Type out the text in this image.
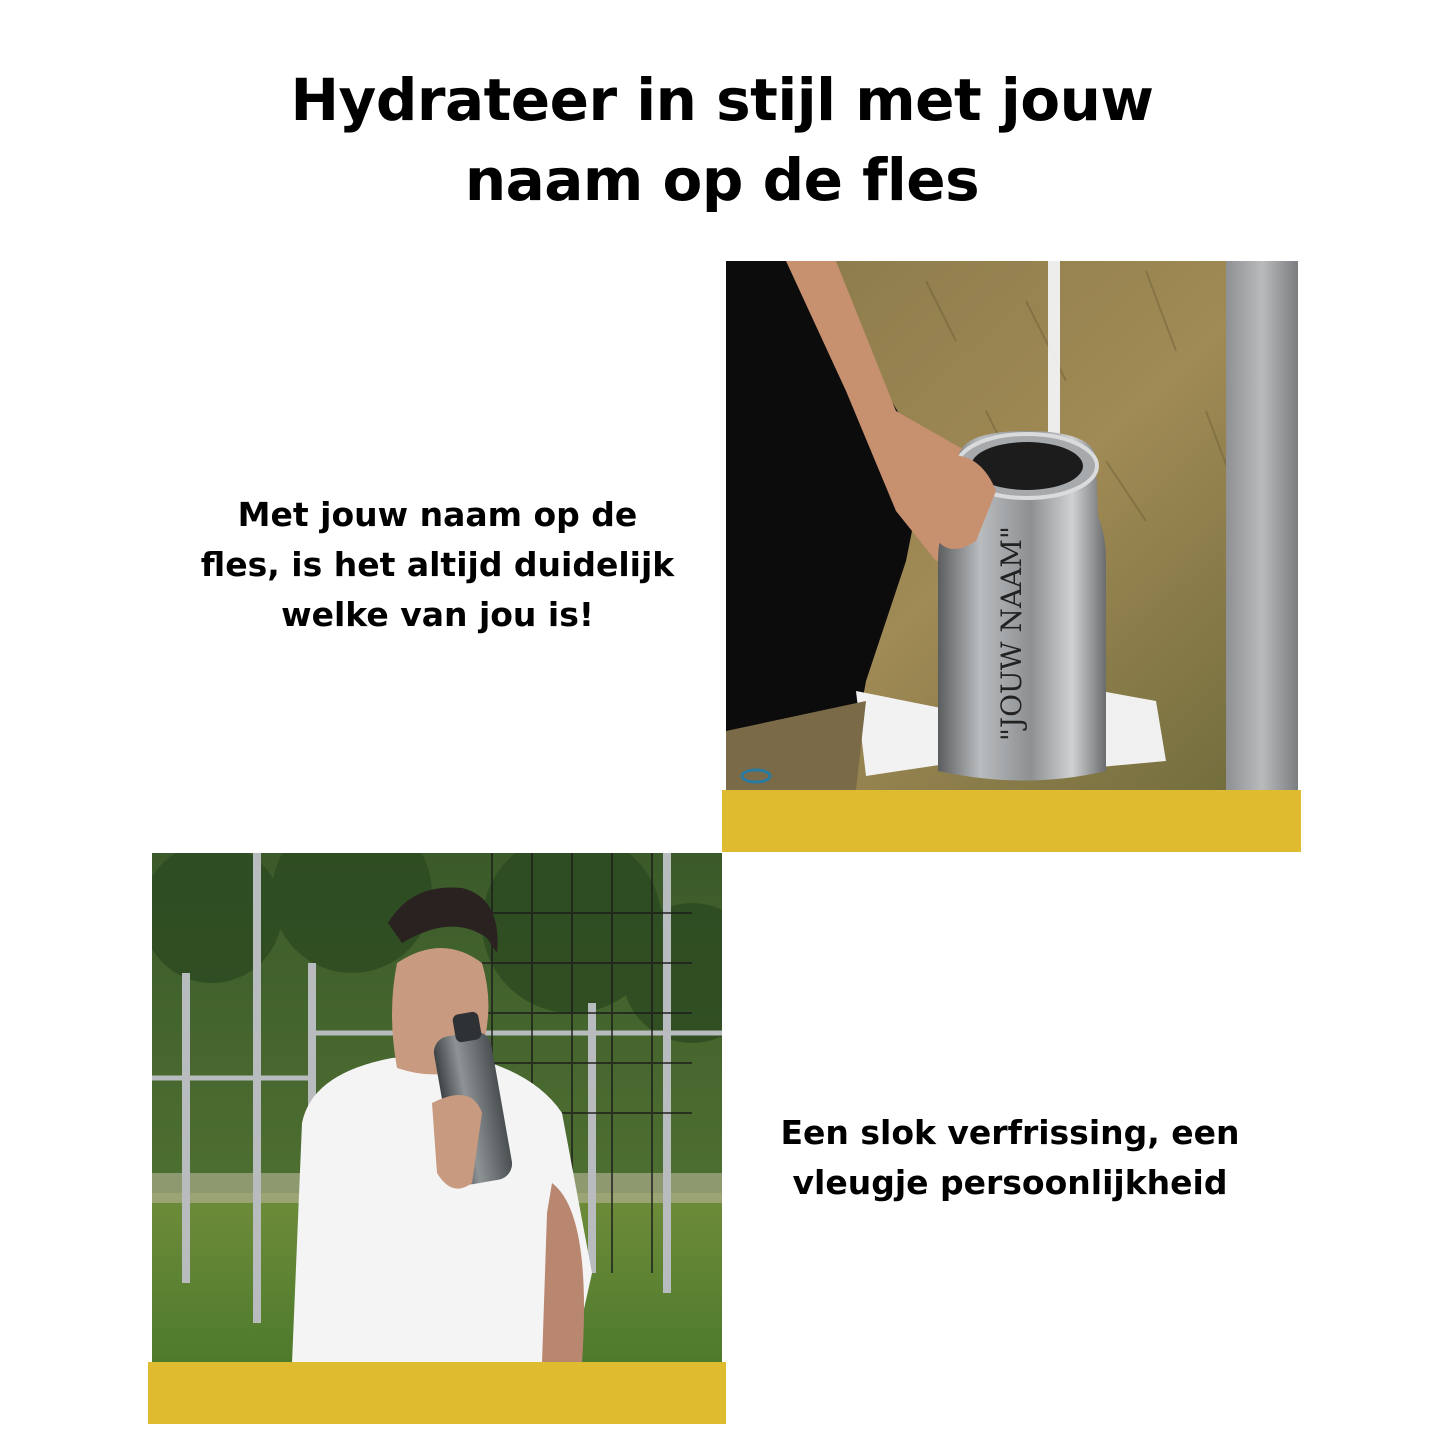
Hydrateer in stijl met jouw
naam op de fles

Met jouw naam op de
fles, is het altijd duidelijk
welke van jou is!	"JOUW NAAM"

Een slok verfrissing, een
vleugje persoonlijkheid
